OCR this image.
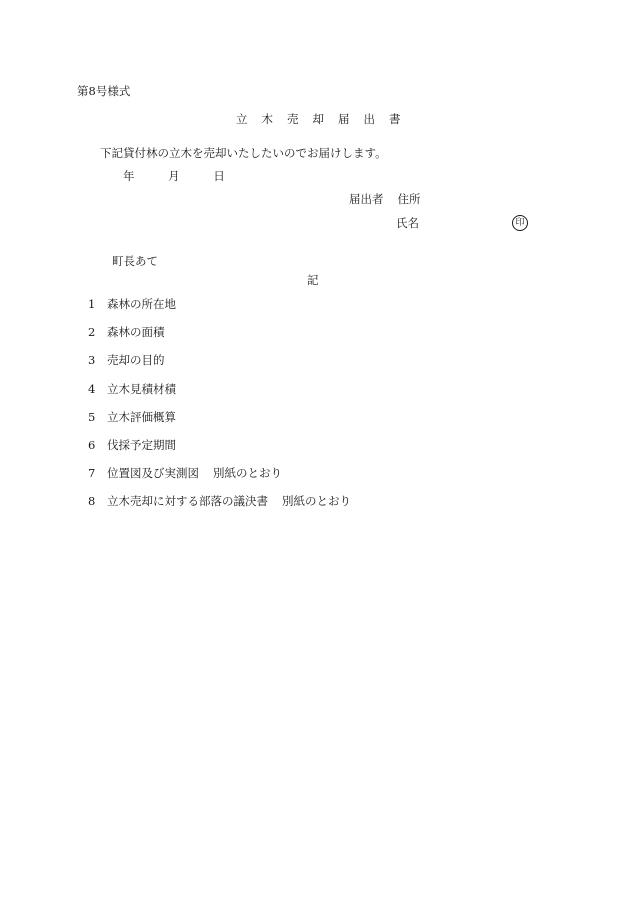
第8号様式
立木売却届出書
下記貸付林の立木を売却いたしたいのでお届けします。
年	月	日
届出者 住所
氏名	印
町長あて
記
1 森林の所在地
2 森林の面積
3 売却の目的
4 立木見積材積
5 立木評価概算
6 伐採予定期間
7 位置図及び実測図 別紙のとおり
8 立木売却に対する部落の議決書 別紙のとおり
